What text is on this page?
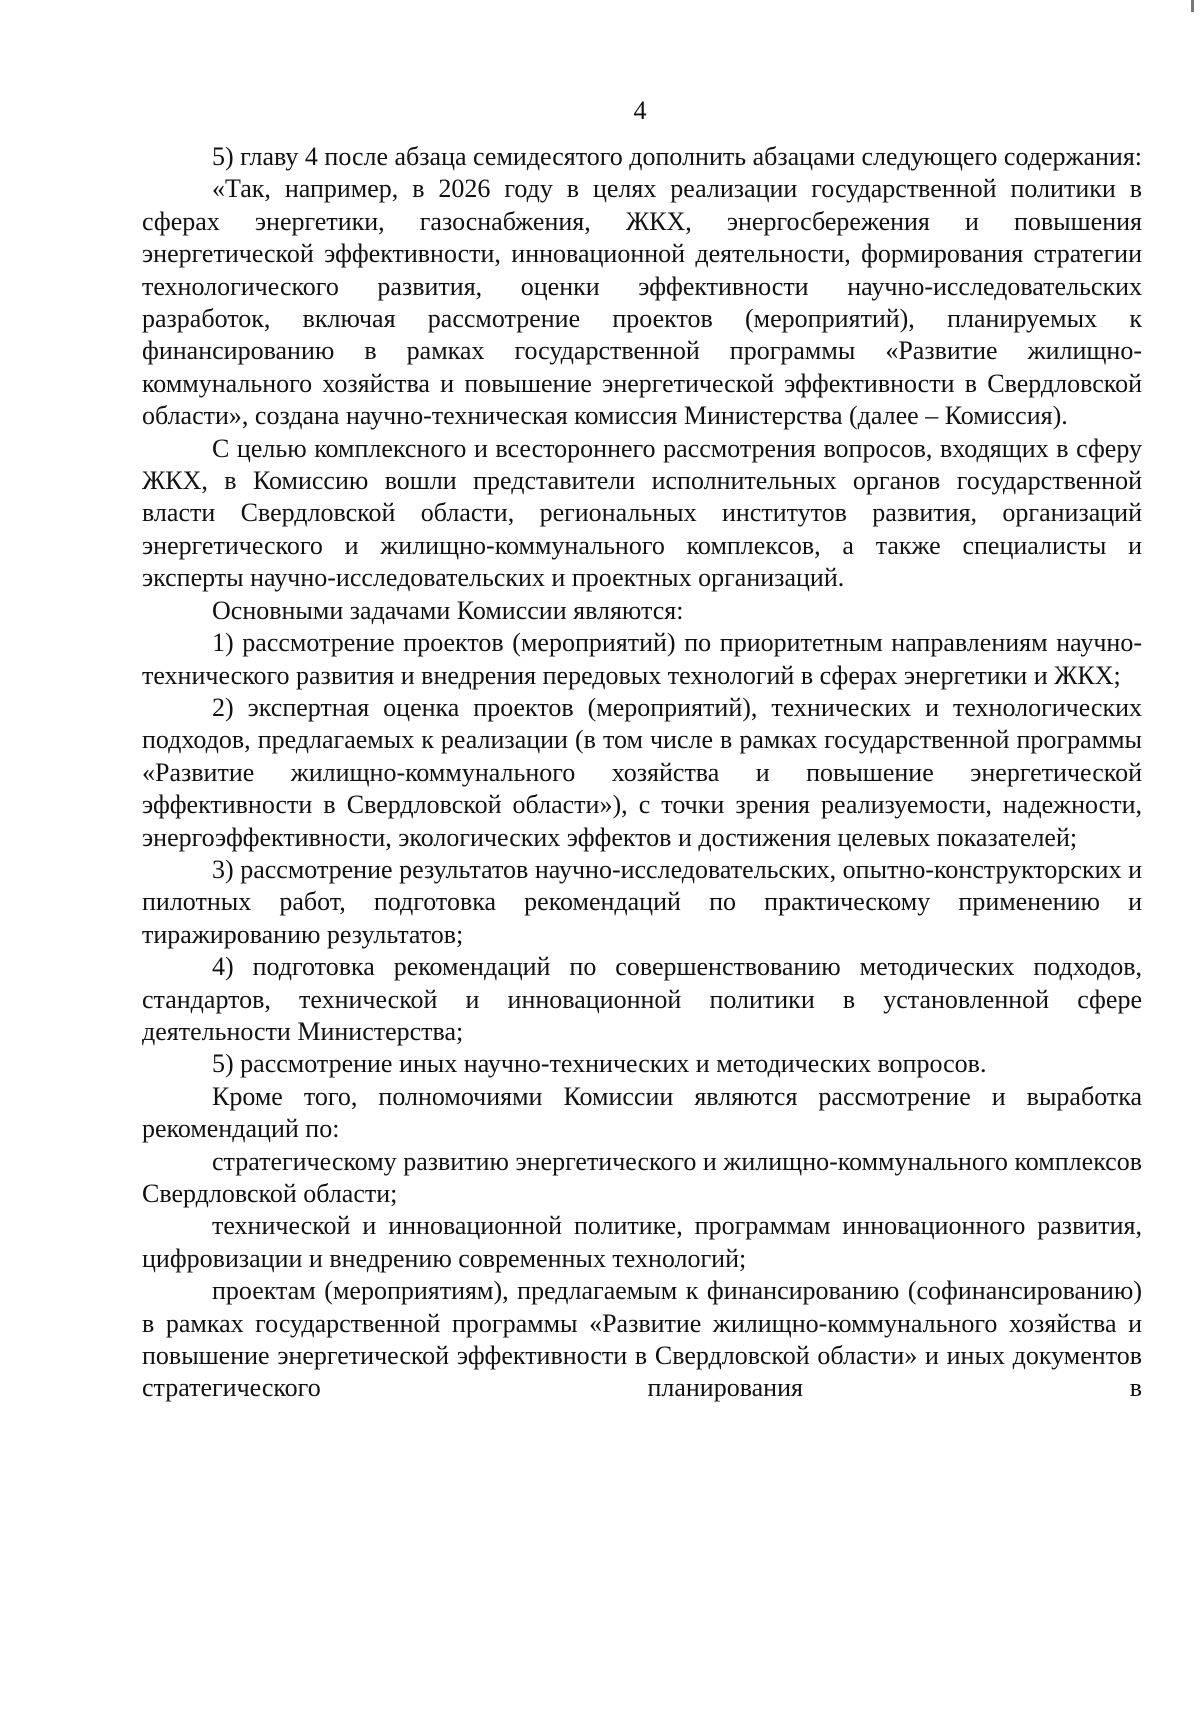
4

5) главу 4 после абзаца семидесятого дополнить абзацами следующего содержания:

«Так, например, в 2026 году в целях реализации государственной политики в сферах энергетики, газоснабжения, ЖКХ, энергосбережения и повышения энергетической эффективности, инновационной деятельности, формирования стратегии технологического развития, оценки эффективности научно-исследовательских разработок, включая рассмотрение проектов (мероприятий), планируемых к финансированию в рамках государственной программы «Развитие жилищно-коммунального хозяйства и повышение энергетической эффективности в Свердловской области», создана научно-техническая комиссия Министерства (далее – Комиссия).

С целью комплексного и всестороннего рассмотрения вопросов, входящих в сферу ЖКХ, в Комиссию вошли представители исполнительных органов государственной власти Свердловской области, региональных институтов развития, организаций энергетического и жилищно-коммунального комплексов, а также специалисты и эксперты научно-исследовательских и проектных организаций.

Основными задачами Комиссии являются:

1) рассмотрение проектов (мероприятий) по приоритетным направлениям научно-технического развития и внедрения передовых технологий в сферах энергетики и ЖКХ;

2) экспертная оценка проектов (мероприятий), технических и технологических подходов, предлагаемых к реализации (в том числе в рамках государственной программы «Развитие жилищно-коммунального хозяйства и повышение энергетической эффективности в Свердловской области»), с точки зрения реализуемости, надежности, энергоэффективности, экологических эффектов и достижения целевых показателей;

3) рассмотрение результатов научно-исследовательских, опытно-конструкторских и пилотных работ, подготовка рекомендаций по практическому применению и тиражированию результатов;

4) подготовка рекомендаций по совершенствованию методических подходов, стандартов, технической и инновационной политики в установленной сфере деятельности Министерства;

5) рассмотрение иных научно-технических и методических вопросов.

Кроме того, полномочиями Комиссии являются рассмотрение и выработка рекомендаций по:

стратегическому развитию энергетического и жилищно-коммунального комплексов Свердловской области;

технической и инновационной политике, программам инновационного развития, цифровизации и внедрению современных технологий;

проектам (мероприятиям), предлагаемым к финансированию (софинансированию) в рамках государственной программы «Развитие жилищно-коммунального хозяйства и повышение энергетической эффективности в Свердловской области» и иных документов стратегического планирования в
